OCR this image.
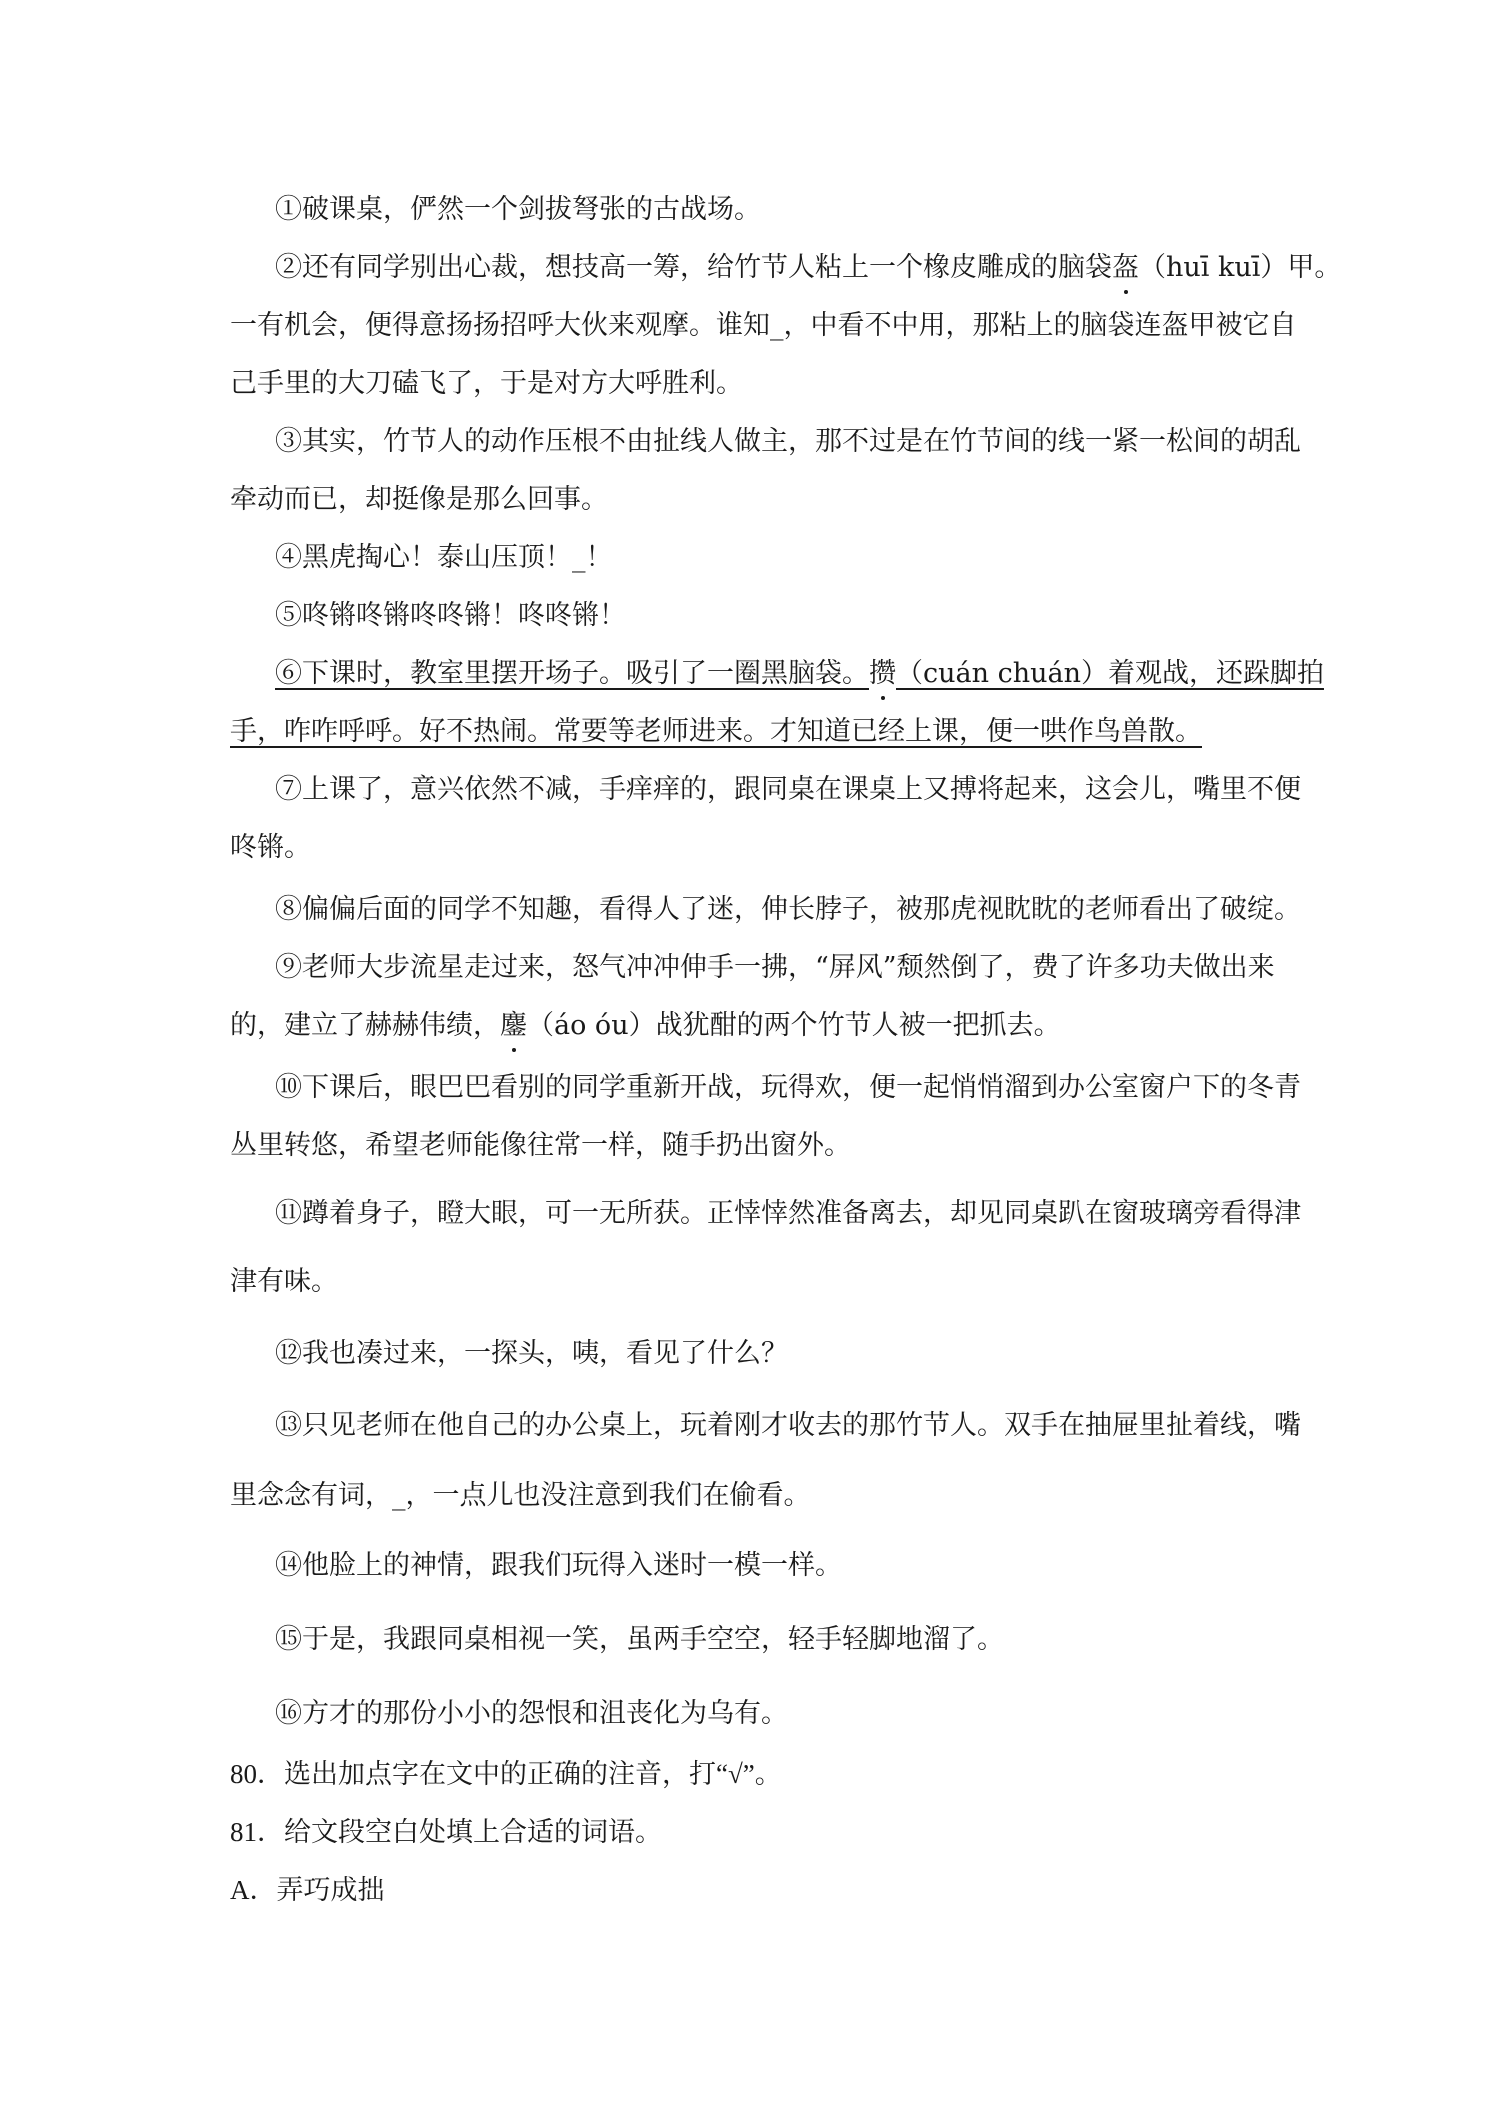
①破课桌，俨然一个剑拔弩张的古战场。
②还有同学别出心裁，想技高一筹，给竹节人粘上一个橡皮雕成的脑袋盔（huī kuī）甲。
一有机会，便得意扬扬招呼大伙来观摩。谁知_，中看不中用，那粘上的脑袋连盔甲被它自
己手里的大刀磕飞了，于是对方大呼胜利。
③其实，竹节人的动作压根不由扯线人做主，那不过是在竹节间的线一紧一松间的胡乱
牵动而已，却挺像是那么回事。
④黑虎掏心！泰山压顶！_！
⑤咚锵咚锵咚咚锵！咚咚锵！
⑥下课时，教室里摆开场子。吸引了一圈黑脑袋。攒（cuán chuán）着观战，还跺脚拍
手，咋咋呼呼。好不热闹。常要等老师进来。才知道已经上课，便一哄作鸟兽散。
⑦上课了，意兴依然不减，手痒痒的，跟同桌在课桌上又搏将起来，这会儿，嘴里不便
咚锵。
⑧偏偏后面的同学不知趣，看得人了迷，伸长脖子，被那虎视眈眈的老师看出了破绽。
⑨老师大步流星走过来，怒气冲冲伸手一拂，“屏风”颓然倒了，费了许多功夫做出来
的，建立了赫赫伟绩，鏖（áo óu）战犹酣的两个竹节人被一把抓去。
⑩下课后，眼巴巴看别的同学重新开战，玩得欢，便一起悄悄溜到办公室窗户下的冬青
丛里转悠，希望老师能像往常一样，随手扔出窗外。
⑪蹲着身子，瞪大眼，可一无所获。正悻悻然准备离去，却见同桌趴在窗玻璃旁看得津
津有味。
⑫我也凑过来，一探头，咦，看见了什么？
⑬只见老师在他自己的办公桌上，玩着刚才收去的那竹节人。双手在抽屉里扯着线，嘴
里念念有词，_，一点儿也没注意到我们在偷看。
⑭他脸上的神情，跟我们玩得入迷时一模一样。
⑮于是，我跟同桌相视一笑，虽两手空空，轻手轻脚地溜了。
⑯方才的那份小小的怨恨和沮丧化为乌有。
80．选出加点字在文中的正确的注音，打“√”。
81．给文段空白处填上合适的词语。
A．弄巧成拙
